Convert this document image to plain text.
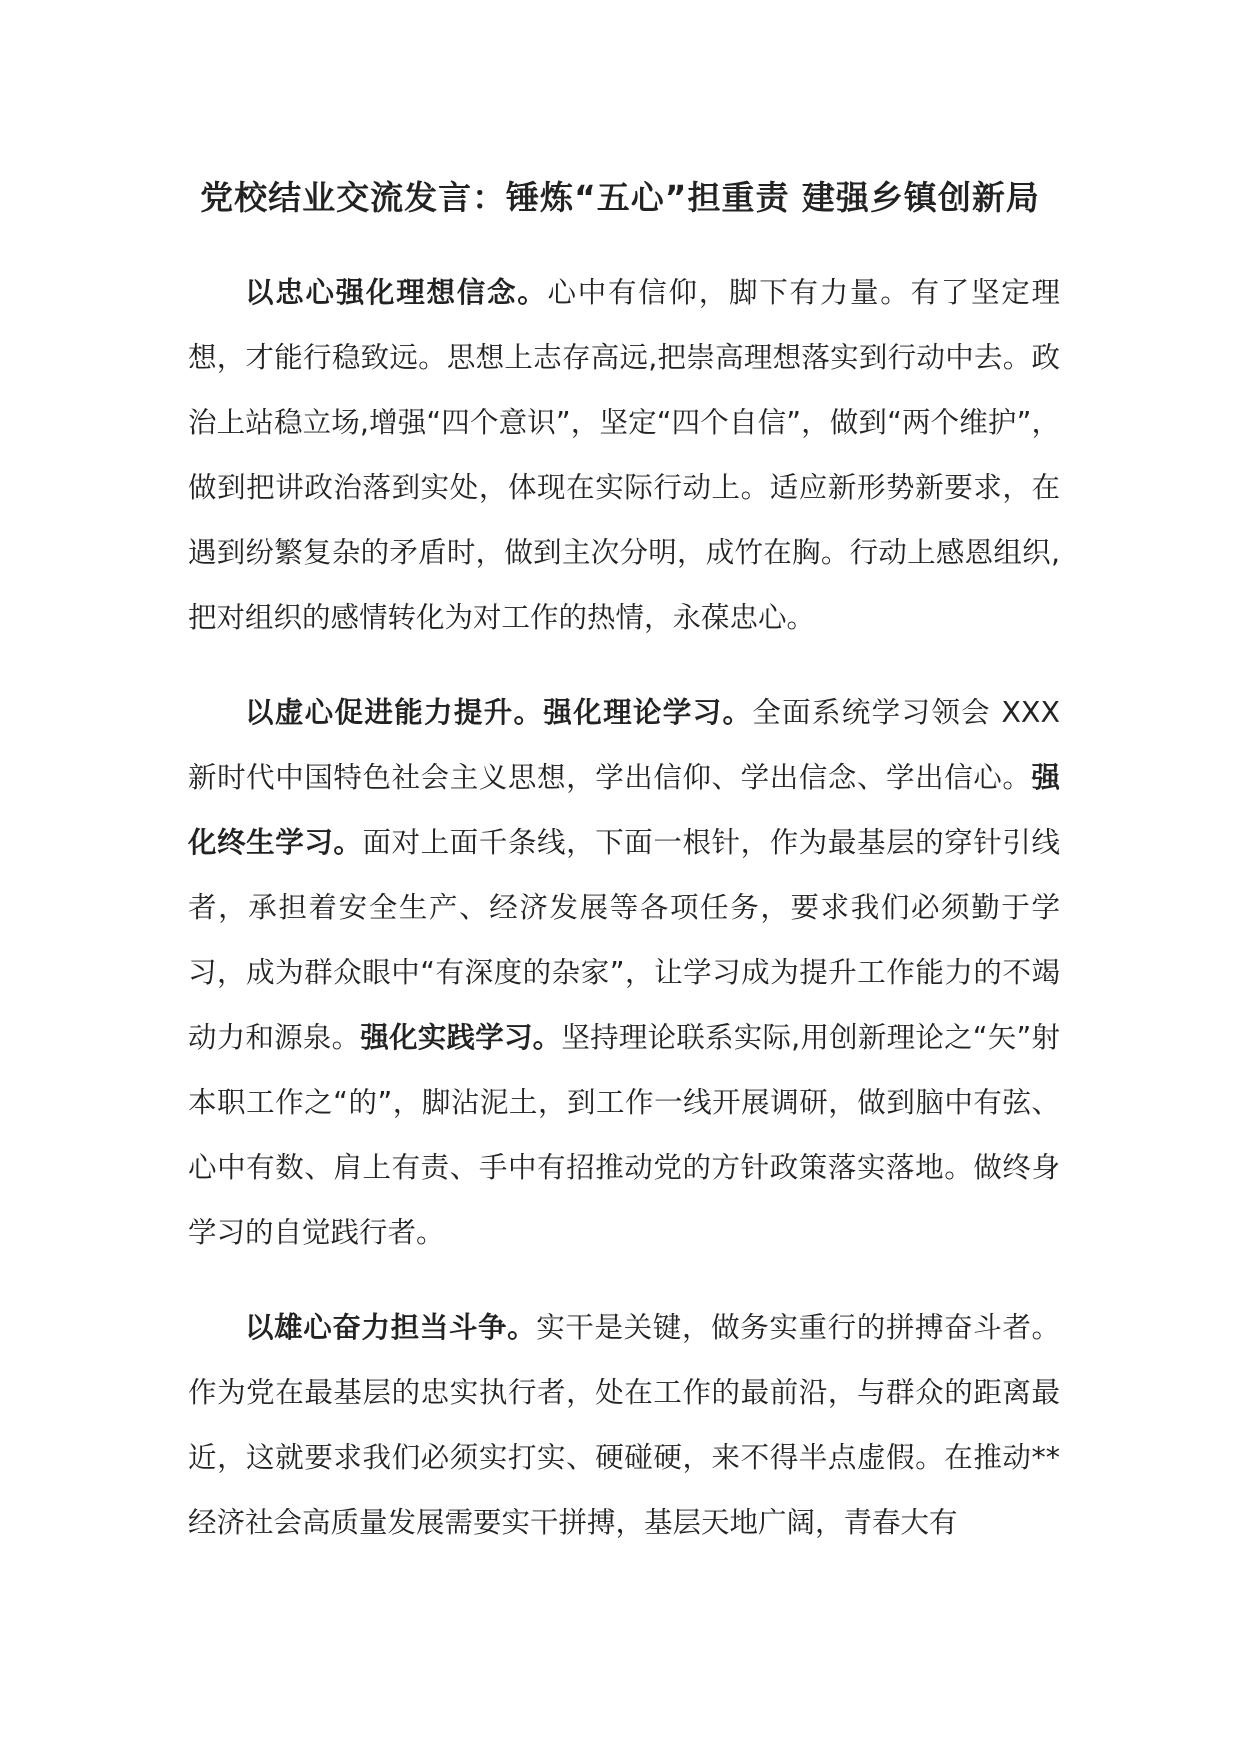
党校结业交流发言：锤炼“五心”担重责 建强乡镇创新局

以忠心强化理想信念。心中有信仰，脚下有力量。有了坚定理想，才能行稳致远。思想上志存高远,把崇高理想落实到行动中去。政治上站稳立场,增强“四个意识”，坚定“四个自信”，做到“两个维护”，做到把讲政治落到实处，体现在实际行动上。适应新形势新要求，在遇到纷繁复杂的矛盾时，做到主次分明，成竹在胸。行动上感恩组织,把对组织的感情转化为对工作的热情，永葆忠心。

以虚心促进能力提升。强化理论学习。全面系统学习领会 XXX 新时代中国特色社会主义思想，学出信仰、学出信念、学出信心。强化终生学习。面对上面千条线，下面一根针，作为最基层的穿针引线者，承担着安全生产、经济发展等各项任务，要求我们必须勤于学习，成为群众眼中“有深度的杂家”，让学习成为提升工作能力的不竭动力和源泉。强化实践学习。坚持理论联系实际,用创新理论之“矢”射本职工作之“的”，脚沾泥土，到工作一线开展调研，做到脑中有弦、心中有数、肩上有责、手中有招推动党的方针政策落实落地。做终身学习的自觉践行者。

以雄心奋力担当斗争。实干是关键，做务实重行的拼搏奋斗者。作为党在最基层的忠实执行者，处在工作的最前沿，与群众的距离最近，这就要求我们必须实打实、硬碰硬，来不得半点虚假。在推动**经济社会高质量发展需要实干拼搏，基层天地广阔，青春大有
